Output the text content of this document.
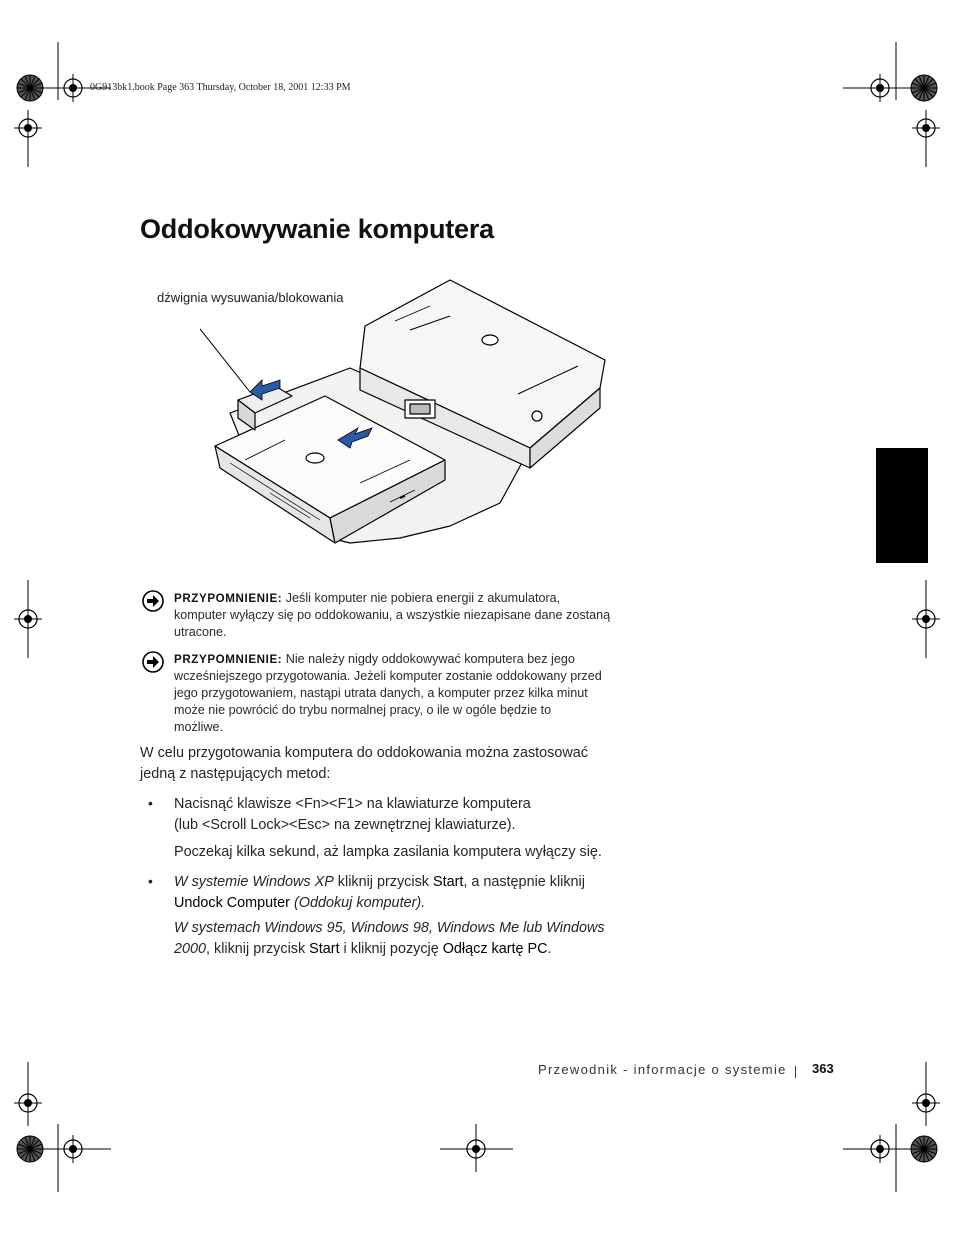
0G913bk1.book Page 363 Thursday, October 18, 2001 12:33 PM
Oddokowywanie komputera
dźwignia wysuwania/blokowania
PRZYPOMNIENIE: Jeśli komputer nie pobiera energii z akumulatora,
komputer wyłączy się po oddokowaniu, a wszystkie niezapisane dane zostaną
utracone.
PRZYPOMNIENIE: Nie należy nigdy oddokowywać komputera bez jego
wcześniejszego przygotowania. Jeżeli komputer zostanie oddokowany przed
jego przygotowaniem, nastąpi utrata danych, a komputer przez kilka minut
może nie powrócić do trybu normalnej pracy, o ile w ogóle będzie to
możliwe.
W celu przygotowania komputera do oddokowania można zastosować
jedną z następujących metod:
• Nacisnąć klawisze <Fn><F1> na klawiaturze komputera
(lub <Scroll Lock><Esc> na zewnętrznej klawiaturze).
Poczekaj kilka sekund, aż lampka zasilania komputera wyłączy się.
• W systemie Windows XP kliknij przycisk Start, a następnie kliknij
Undock Computer (Oddokuj komputer).
W systemach Windows 95, Windows 98, Windows Me lub Windows
2000, kliknij przycisk Start i kliknij pozycję Odłącz kartę PC.
Przewodnik - informacje o systemie 363
